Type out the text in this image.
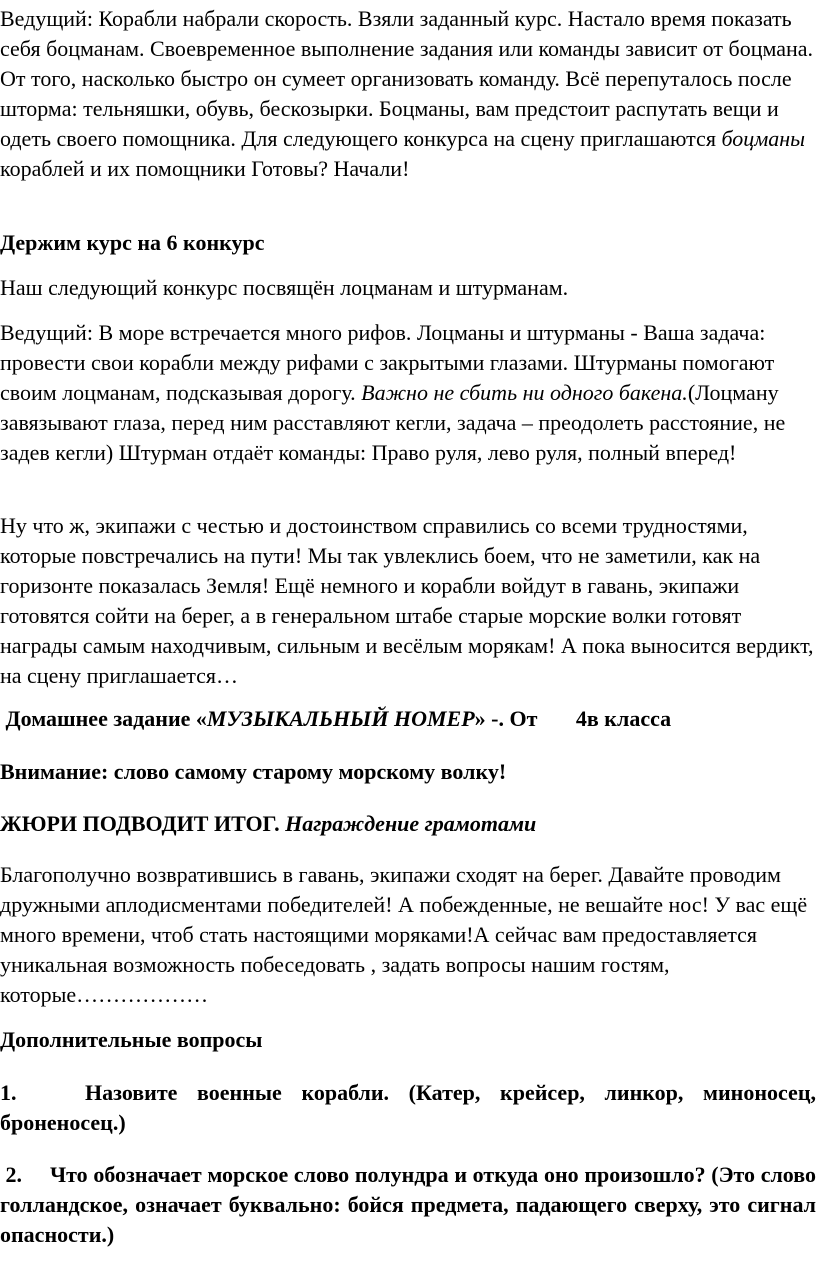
Ведущий: Корабли набрали скорость. Взяли заданный курс. Настало время показать себя боцманам. Своевременное выполнение задания или команды зависит от боцмана. От того, насколько быстро он сумеет организовать команду. Всё перепуталось после шторма: тельняшки, обувь, бескозырки. Боцманы, вам предстоит распутать вещи и одеть своего помощника. Для следующего конкурса на сцену приглашаются боцманы кораблей и их помощники Готовы? Начали!

Держим курс на 6 конкурс

Наш следующий конкурс посвящён лоцманам и штурманам.

Ведущий: В море встречается много рифов. Лоцманы и штурманы - Ваша задача: провести свои корабли между рифами с закрытыми глазами. Штурманы помогают своим лоцманам, подсказывая дорогу. Важно не сбить ни одного бакена.(Лоцману завязывают глаза, перед ним расставляют кегли, задача – преодолеть расстояние, не задев кегли) Штурман отдаёт команды: Право руля, лево руля, полный вперед!

Ну что ж, экипажи с честью и достоинством справились со всеми трудностями, которые повстречались на пути! Мы так увлеклись боем, что не заметили, как на горизонте показалась Земля! Ещё немного и корабли войдут в гавань, экипажи готовятся сойти на берег, а в генеральном штабе старые морские волки готовят награды самым находчивым, сильным и весёлым морякам! А пока выносится вердикт, на сцену приглашается…

Домашнее задание «МУЗЫКАЛЬНЫЙ НОМЕР» -. От       4в класса

Внимание: слово самому старому морскому волку!

ЖЮРИ ПОДВОДИТ ИТОГ. Награждение грамотами

Благополучно возвратившись в гавань, экипажи сходят на берег. Давайте проводим дружными аплодисментами победителей! А побежденные, не вешайте нос! У вас ещё много времени, чтоб стать настоящими моряками!А сейчас вам предоставляется уникальная возможность побеседовать , задать вопросы нашим гостям, которые………………

Дополнительные вопросы

1.	Назовите военные корабли. (Катер, крейсер, линкор, миноносец, броненосец.)

2. Что обозначает морское слово полундра и откуда оно произошло? (Это слово голландское, означает буквально: бойся предмета, падающего сверху, это сигнал опасности.)
